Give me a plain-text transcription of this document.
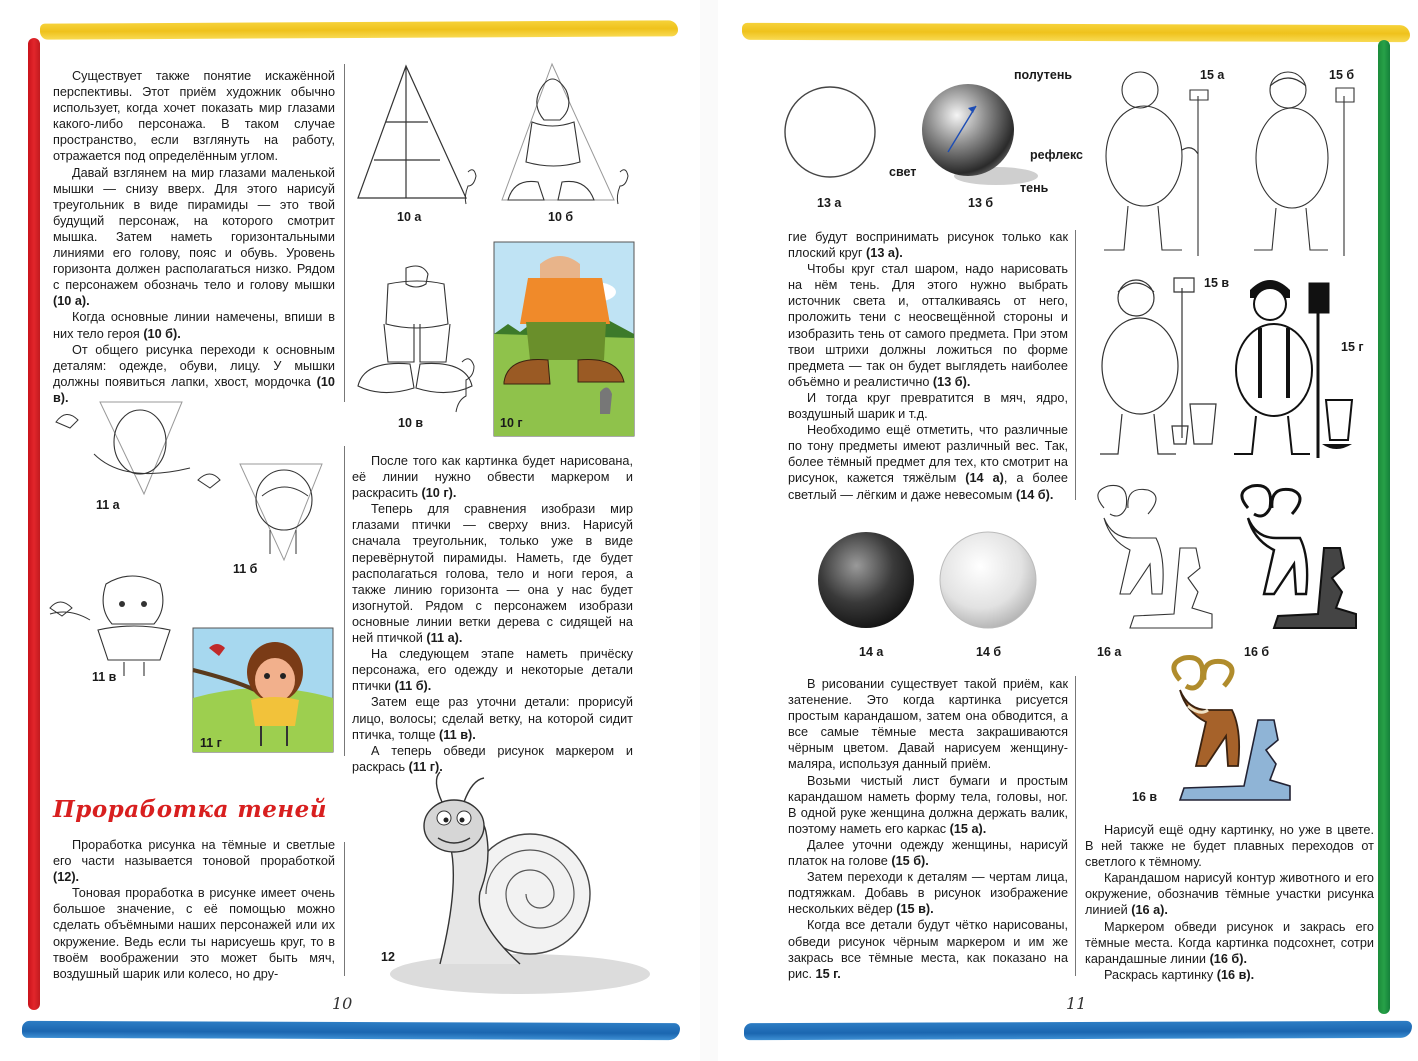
Существует также понятие искажённой перспективы. Этот приём художник обычно использует, когда хочет показать мир глазами какого-либо персонажа. В таком случае пространство, если взглянуть на работу, отражается под определённым углом.

Давай взглянем на мир глазами маленькой мышки — снизу вверх. Для этого нарисуй треугольник в виде пирамиды — это твой будущий персонаж, на которого смотрит мышка. Затем наметь горизонтальными линиями его голову, пояс и обувь. Уровень горизонта должен располагаться низко. Рядом с персонажем обозначь тело и голову мышки (10 а).

Когда основные линии намечены, впиши в них тело героя (10 б).

От общего рисунка переходи к основным деталям: одежде, обуви, лицу. У мышки должны появиться лапки, хвост, мордочка (10 в).

10 а	10 б
10 в	10 г
11 а
11 б
11 в
11 г

После того как картинка будет нарисована, её линии нужно обвести маркером и раскрасить (10 г).

Теперь для сравнения изобрази мир глазами птички — сверху вниз. Нарисуй сначала треугольник, только уже в виде перевёрнутой пирамиды. Наметь, где будет располагаться голова, тело и ноги героя, а также линию горизонта — она у нас будет изогнутой. Рядом с персонажем изобрази основные линии ветки дерева с сидящей на ней птичкой (11 а).

На следующем этапе наметь причёску персонажа, его одежду и некоторые детали птички (11 б).

Затем еще раз уточни детали: прорисуй лицо, волосы; сделай ветку, на которой сидит птичка, толще (11 в).

А теперь обведи рисунок маркером и раскрась (11 г).

Проработка теней

Проработка рисунка на тёмные и светлые его части называется тоновой проработкой (12).

Тоновая проработка в рисунке имеет очень большое значение, с её помощью можно сделать объёмными наших персонажей или их окружение. Ведь если ты нарисуешь круг, то в твоём воображении это может быть мяч, воздушный шарик или колесо, но дру-

12
10
13 а	13 б
полутень
свет
рефлекс
тень

гие будут воспринимать рисунок только как плоский круг (13 а).

Чтобы круг стал шаром, надо нарисовать на нём тень. Для этого нужно выбрать источник света и, отталкиваясь от него, проложить тени с неосвещённой стороны и изобразить тень от самого предмета. При этом твои штрихи должны ложиться по форме предмета — так он будет выглядеть наиболее объёмно и реалистично (13 б).

И тогда круг превратится в мяч, ядро, воздушный шарик и т.д.

Необходимо ещё отметить, что различные по тону предметы имеют различный вес. Так, более тёмный предмет для тех, кто смотрит на рисунок, кажется тяжёлым (14 а), а более светлый — лёгким и даже невесомым (14 б).

14 а	14 б

В рисовании существует такой приём, как затенение. Это когда картинка рисуется простым карандашом, затем она обводится, а все самые тёмные места закрашиваются чёрным цветом. Давай нарисуем женщину-маляра, используя данный приём.

Возьми чистый лист бумаги и простым карандашом наметь форму тела, головы, ног. В одной руке женщина должна держать валик, поэтому наметь его каркас (15 а).

Далее уточни одежду женщины, нарисуй платок на голове (15 б).

Затем переходи к деталям — чертам лица, подтяжкам. Добавь в рисунок изображение нескольких вёдер (15 в).

Когда все детали будут чётко нарисованы, обведи рисунок чёрным маркером и им же закрась все тёмные места, как показано на рис. 15 г.

15 а	15 б
15 в
15 г
16 а	16 б
16 в

Нарисуй ещё одну картинку, но уже в цвете. В ней также не будет плавных переходов от светлого к тёмному.

Карандашом нарисуй контур животного и его окружение, обозначив тёмные участки рисунка линией (16 а).

Маркером обведи рисунок и закрась его тёмные места. Когда картинка подсохнет, сотри карандашные линии (16 б).

Раскрась картинку (16 в).

11
